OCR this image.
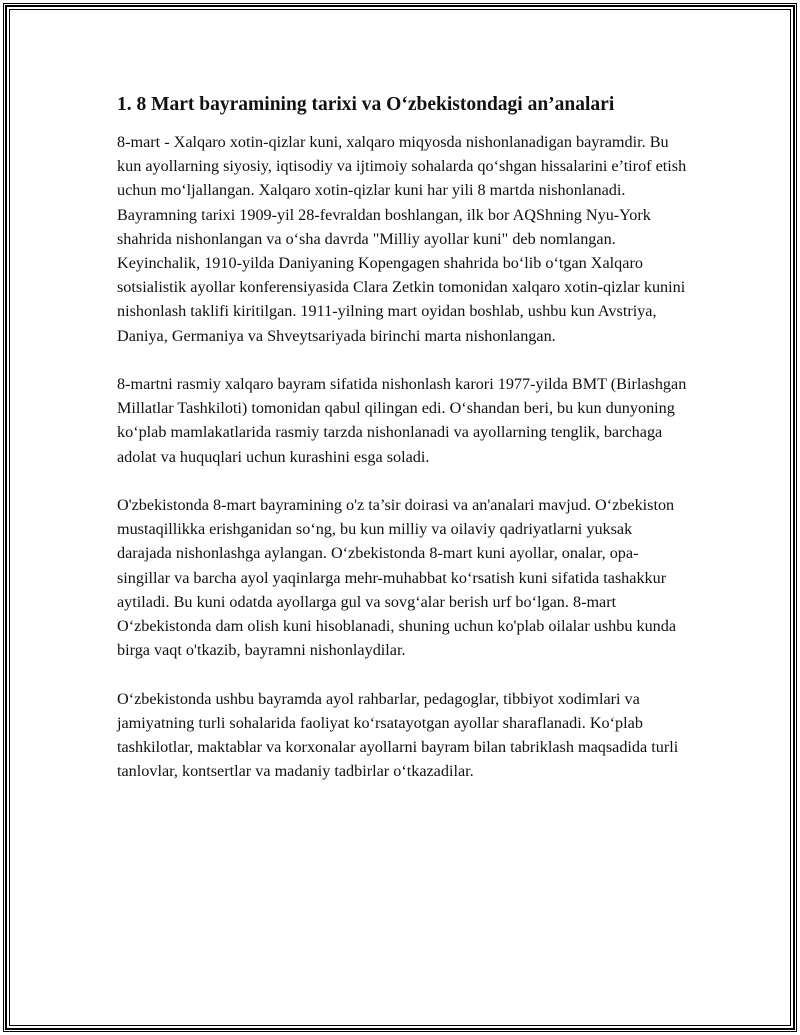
1. 8 Mart bayramining tarixi va O‘zbekistondagi an’analari

8-mart - Xalqaro xotin-qizlar kuni, xalqaro miqyosda nishonlanadigan bayramdir. Bu kun ayollarning siyosiy, iqtisodiy va ijtimoiy sohalarda qo‘shgan hissalarini e’tirof etish uchun mo‘ljallangan. Xalqaro xotin-qizlar kuni har yili 8 martda nishonlanadi. Bayramning tarixi 1909-yil 28-fevraldan boshlangan, ilk bor AQShning Nyu-York shahrida nishonlangan va o‘sha davrda "Milliy ayollar kuni" deb nomlangan. Keyinchalik, 1910-yilda Daniyaning Kopengagen shahrida bo‘lib o‘tgan Xalqaro sotsialistik ayollar konferensiyasida Clara Zetkin tomonidan xalqaro xotin-qizlar kunini nishonlash taklifi kiritilgan. 1911-yilning mart oyidan boshlab, ushbu kun Avstriya, Daniya, Germaniya va Shveytsariyada birinchi marta nishonlangan.

8-martni rasmiy xalqaro bayram sifatida nishonlash karori 1977-yilda BMT (Birlashgan Millatlar Tashkiloti) tomonidan qabul qilingan edi. O‘shandan beri, bu kun dunyoning ko‘plab mamlakatlarida rasmiy tarzda nishonlanadi va ayollarning tenglik, barchaga adolat va huquqlari uchun kurashini esga soladi.

O'zbekistonda 8-mart bayramining o'z ta’sir doirasi va an'analari mavjud. O‘zbekiston mustaqillikka erishganidan so‘ng, bu kun milliy va oilaviy qadriyatlarni yuksak darajada nishonlashga aylangan. O‘zbekistonda 8-mart kuni ayollar, onalar, opa-singillar va barcha ayol yaqinlarga mehr-muhabbat ko‘rsatish kuni sifatida tashakkur aytiladi. Bu kuni odatda ayollarga gul va sovg‘alar berish urf bo‘lgan. 8-mart O‘zbekistonda dam olish kuni hisoblanadi, shuning uchun ko'plab oilalar ushbu kunda birga vaqt o'tkazib, bayramni nishonlaydilar.

O‘zbekistonda ushbu bayramda ayol rahbarlar, pedagoglar, tibbiyot xodimlari va jamiyatning turli sohalarida faoliyat ko‘rsatayotgan ayollar sharaflanadi. Ko‘plab tashkilotlar, maktablar va korxonalar ayollarni bayram bilan tabriklash maqsadida turli tanlovlar, kontsertlar va madaniy tadbirlar o‘tkazadilar.
